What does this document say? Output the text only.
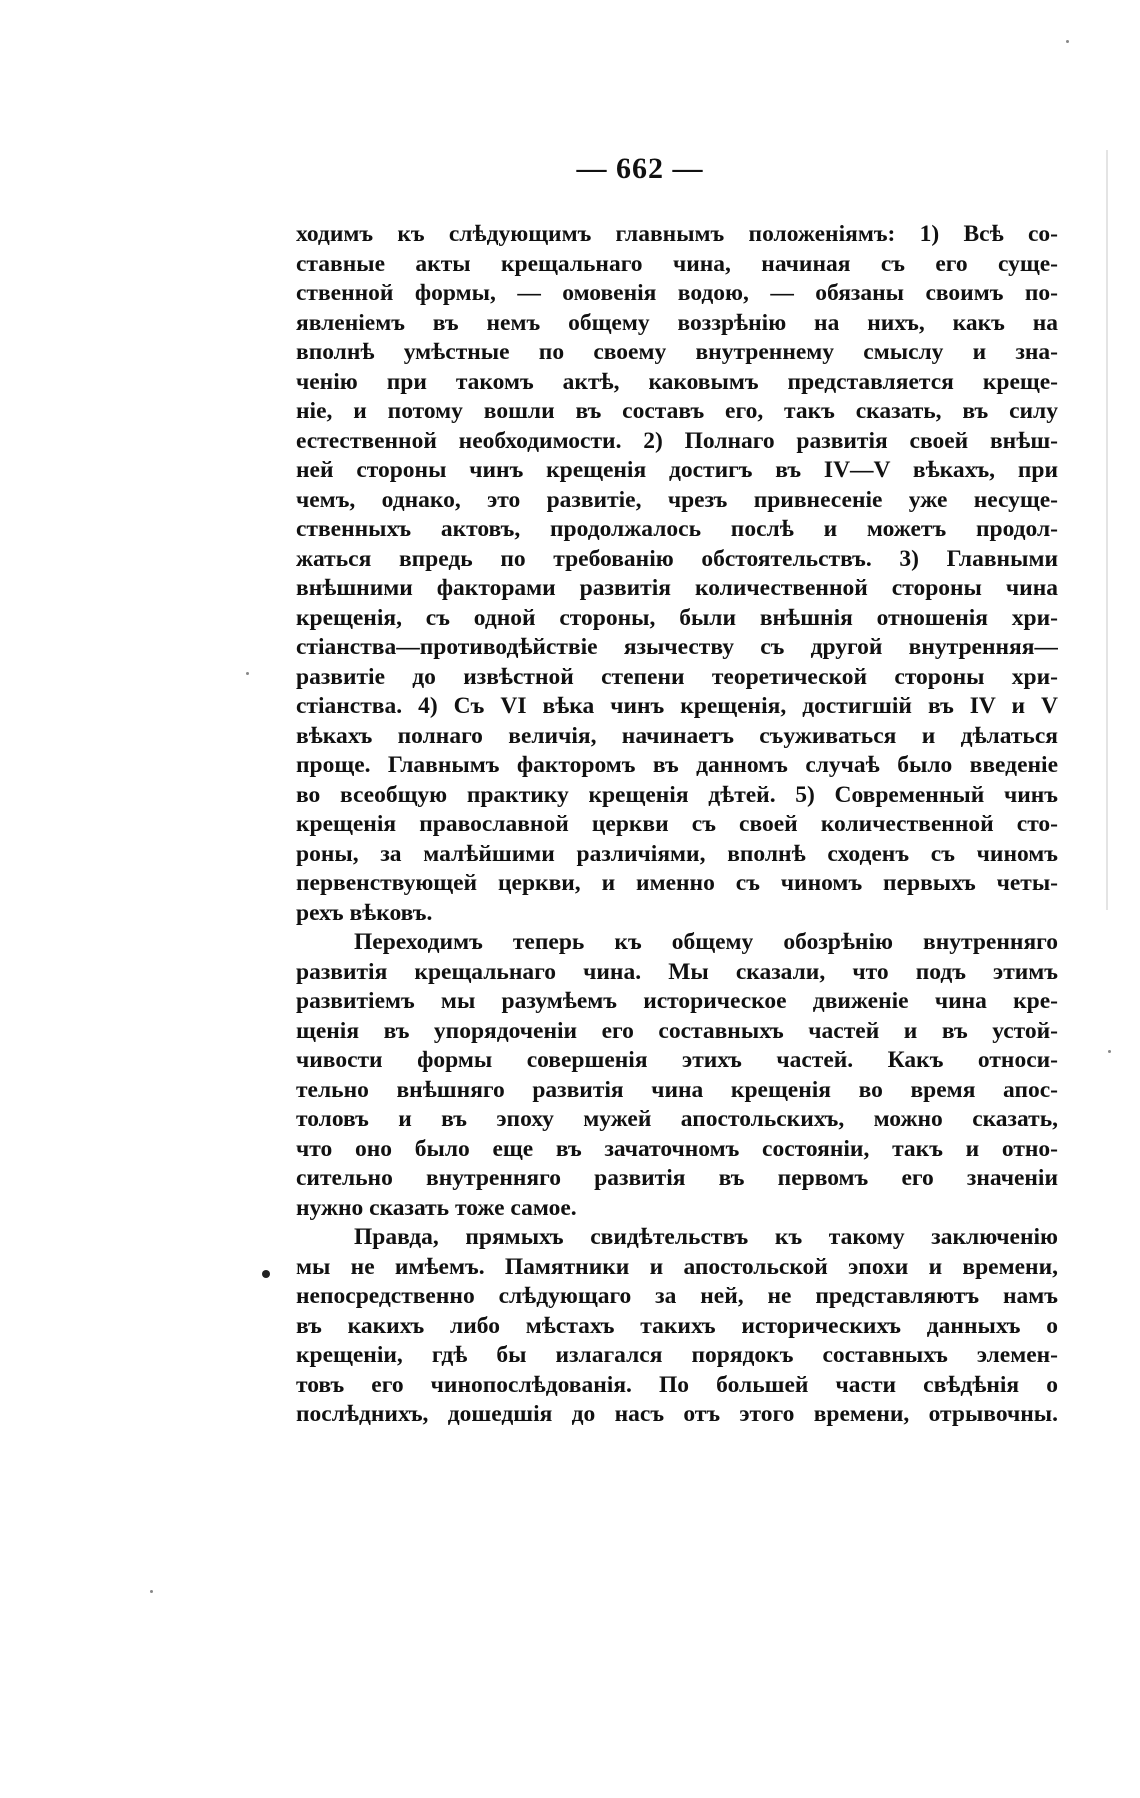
— 662 —
ходимъ къ слѣдующимъ главнымъ положеніямъ: 1) Всѣ со-
ставные акты крещальнаго чина, начиная съ его суще-
ственной формы, — омовенія водою, — обязаны своимъ по-
явленіемъ въ немъ общему воззрѣнію на нихъ, какъ на
вполнѣ умѣстные по своему внутреннему смыслу и зна-
ченію при такомъ актѣ, каковымъ представляется креще-
ніе, и потому вошли въ составъ его, такъ сказать, въ силу
естественной необходимости. 2) Полнаго развитія своей внѣш-
ней стороны чинъ крещенія достигъ въ IV—V вѣкахъ, при
чемъ, однако, это развитіе, чрезъ привнесеніе уже несуще-
ственныхъ актовъ, продолжалось послѣ и можетъ продол-
жаться впредь по требованію обстоятельствъ. 3) Главными
внѣшними факторами развитія количественной стороны чина
крещенія, съ одной стороны, были внѣшнія отношенія хри-
стіанства—противодѣйствіе язычеству съ другой внутренняя—
развитіе до извѣстной степени теоретической стороны хри-
стіанства. 4) Съ VI вѣка чинъ крещенія, достигшій въ IV и V
вѣкахъ полнаго величія, начинаетъ съуживаться и дѣлаться
проще. Главнымъ факторомъ въ данномъ случаѣ было введеніе
во всеобщую практику крещенія дѣтей. 5) Современный чинъ
крещенія православной церкви съ своей количественной сто-
роны, за малѣйшими различіями, вполнѣ сходенъ съ чиномъ
первенствующей церкви, и именно съ чиномъ первыхъ четы-
рехъ вѣковъ.
Переходимъ теперь къ общему обозрѣнію внутренняго
развитія крещальнаго чина. Мы сказали, что подъ этимъ
развитіемъ мы разумѣемъ историческое движеніе чина кре-
щенія въ упорядоченіи его составныхъ частей и въ устой-
чивости формы совершенія этихъ частей. Какъ относи-
тельно внѣшняго развитія чина крещенія во время апос-
толовъ и въ эпоху мужей апостольскихъ, можно сказать,
что оно было еще въ зачаточномъ состояніи, такъ и отно-
сительно внутренняго развитія въ первомъ его значеніи
нужно сказать тоже самое.
Правда, прямыхъ свидѣтельствъ къ такому заключенію
мы не имѣемъ. Памятники и апостольской эпохи и времени,
непосредственно слѣдующаго за ней, не представляютъ намъ
въ какихъ либо мѣстахъ такихъ историческихъ данныхъ о
крещеніи, гдѣ бы излагался порядокъ составныхъ элемен-
товъ его чинопослѣдованія. По большей части свѣдѣнія о
послѣднихъ, дошедшія до насъ отъ этого времени, отрывочны.
